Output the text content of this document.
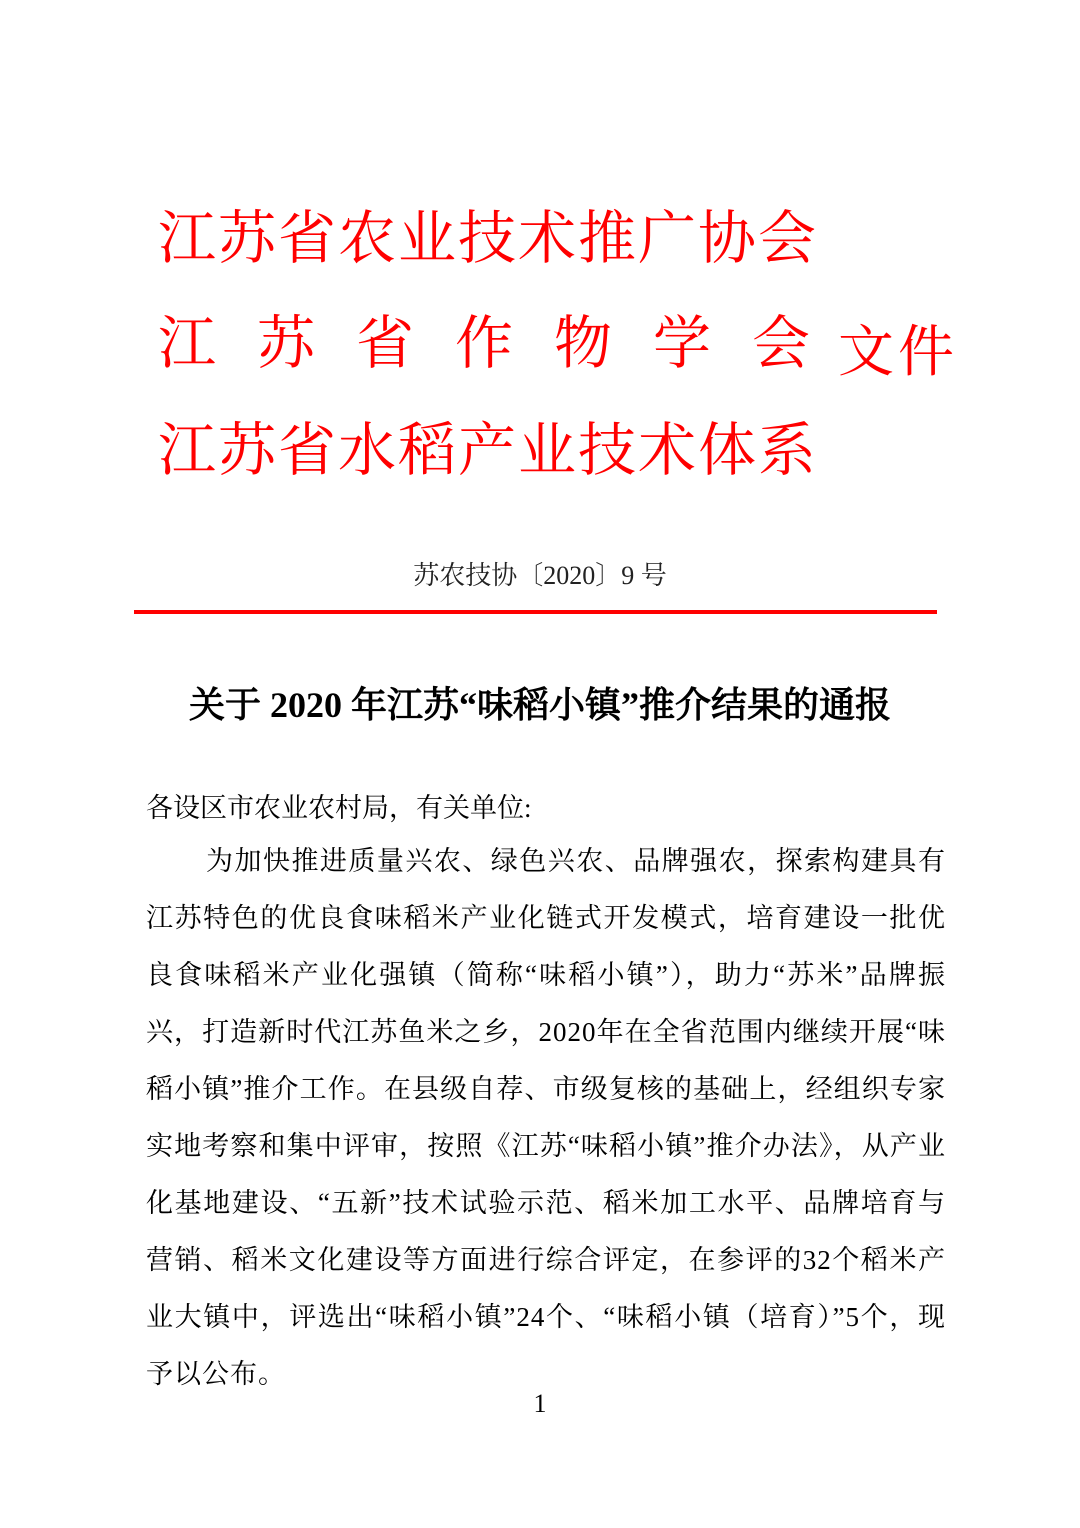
江苏省农业技术推广协会
江苏省作物学会
江苏省水稻产业技术体系
文件
苏农技协〔2020〕9 号
关于 2020 年江苏“味稻小镇”推介结果的通报
各设区市农业农村局，有关单位:
为加快推进质量兴农、绿色兴农、品牌强农，探索构建具有江苏特色的优良食味稻米产业化链式开发模式，培育建设一批优良食味稻米产业化强镇（简称“味稻小镇”），助力“苏米”品牌振兴，打造新时代江苏鱼米之乡，2020年在全省范围内继续开展“味稻小镇”推介工作。在县级自荐、市级复核的基础上，经组织专家实地考察和集中评审，按照《江苏“味稻小镇”推介办法》，从产业化基地建设、“五新”技术试验示范、稻米加工水平、品牌培育与营销、稻米文化建设等方面进行综合评定，在参评的32个稻米产业大镇中，评选出“味稻小镇”24个、“味稻小镇（培育）”5个，现予以公布。
1
